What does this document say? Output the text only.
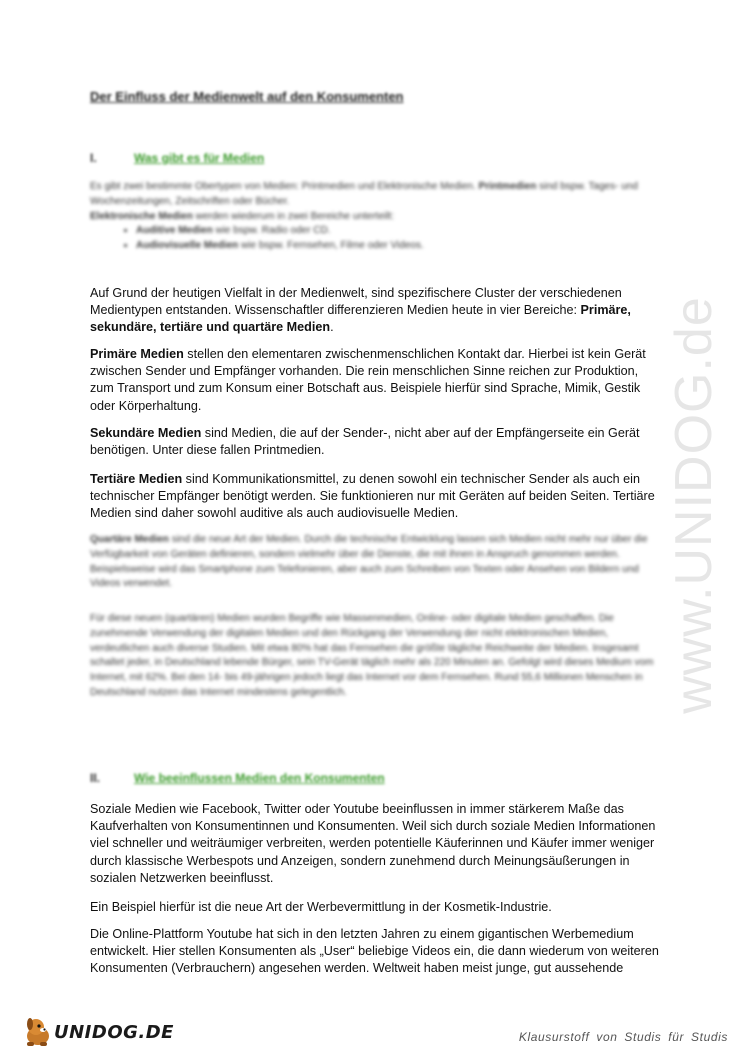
www.UNIDOG.de
Der Einfluss der Medienwelt auf den Konsumenten
I.	Was gibt es für Medien
Es gibt zwei bestimmte Obertypen von Medien: Printmedien und Elektronische Medien. Printmedien sind bspw. Tages- und Wochenzeitungen, Zeitschriften oder Bücher.
Elektronische Medien werden wiederum in zwei Bereiche unterteilt:
• Auditive Medien wie bspw. Radio oder CD.
• Audiovisuelle Medien wie bspw. Fernsehen, Filme oder Videos.
Auf Grund der heutigen Vielfalt in der Medienwelt, sind spezifischere Cluster der verschiedenen Medientypen entstanden. Wissenschaftler differenzieren Medien heute in vier Bereiche: Primäre, sekundäre, tertiäre und quartäre Medien.
Primäre Medien stellen den elementaren zwischenmenschlichen Kontakt dar. Hierbei ist kein Gerät zwischen Sender und Empfänger vorhanden. Die rein menschlichen Sinne reichen zur Produktion, zum Transport und zum Konsum einer Botschaft aus. Beispiele hierfür sind Sprache, Mimik, Gestik oder Körperhaltung.
Sekundäre Medien sind Medien, die auf der Sender-, nicht aber auf der Empfängerseite ein Gerät benötigen. Unter diese fallen Printmedien.
Tertiäre Medien sind Kommunikationsmittel, zu denen sowohl ein technischer Sender als auch ein technischer Empfänger benötigt werden. Sie funktionieren nur mit Geräten auf beiden Seiten. Tertiäre Medien sind daher sowohl auditive als auch audiovisuelle Medien.
Quartäre Medien sind die neue Art der Medien. Durch die technische Entwicklung lassen sich Medien nicht mehr nur über die Verfügbarkeit von Geräten definieren, sondern vielmehr über die Dienste, die mit ihnen in Anspruch genommen werden. Beispielsweise wird das Smartphone zum Telefonieren, aber auch zum Schreiben von Texten oder Ansehen von Bildern und Videos verwendet.
Für diese neuen (quartären) Medien wurden Begriffe wie Massenmedien, Online- oder digitale Medien geschaffen. Die zunehmende Verwendung der digitalen Medien und den Rückgang der Verwendung der nicht elektronischen Medien, verdeutlichen auch diverse Studien. Mit etwa 80% hat das Fernsehen die größte tägliche Reichweite der Medien. Insgesamt schaltet jeder, in Deutschland lebende Bürger, sein TV-Gerät täglich mehr als 220 Minuten an. Gefolgt wird dieses Medium vom Internet, mit 62%. Bei den 14- bis 49-jährigen jedoch liegt das Internet vor dem Fernsehen. Rund 55,6 Millionen Menschen in Deutschland nutzen das Internet mindestens gelegentlich.
II.	Wie beeinflussen Medien den Konsumenten
Soziale Medien wie Facebook, Twitter oder Youtube beeinflussen in immer stärkerem Maße das Kaufverhalten von Konsumentinnen und Konsumenten. Weil sich durch soziale Medien Informationen viel schneller und weiträumiger verbreiten, werden potentielle Käuferinnen und Käufer immer weniger durch klassische Werbespots und Anzeigen, sondern zunehmend durch Meinungsäußerungen in sozialen Netzwerken beeinflusst.
Ein Beispiel hierfür ist die neue Art der Werbevermittlung in der Kosmetik-Industrie.
Die Online-Plattform Youtube hat sich in den letzten Jahren zu einem gigantischen Werbemedium entwickelt. Hier stellen Konsumenten als „User“ beliebige Videos ein, die dann wiederum von weiteren Konsumenten (Verbrauchern) angesehen werden. Weltweit haben meist junge, gut aussehende
UNIDOG.DE	Klausurstoff von Studis für Studis
